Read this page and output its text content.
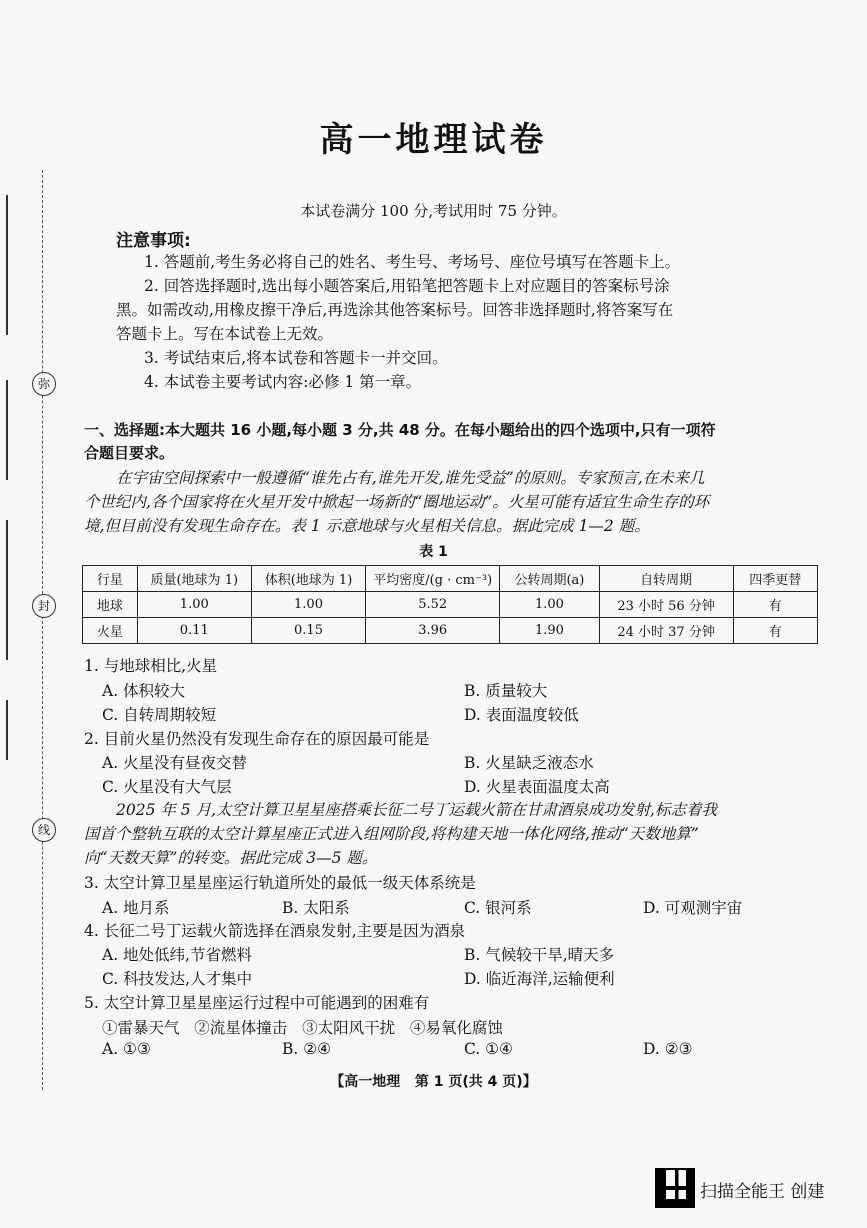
弥
封
线
高一地理试卷
本试卷满分 100 分,考试用时 75 分钟。
注意事项:
1. 答题前,考生务必将自己的姓名、考生号、考场号、座位号填写在答题卡上。
2. 回答选择题时,选出每小题答案后,用铅笔把答题卡上对应题目的答案标号涂
黑。如需改动,用橡皮擦干净后,再选涂其他答案标号。回答非选择题时,将答案写在
答题卡上。写在本试卷上无效。
3. 考试结束后,将本试卷和答题卡一并交回。
4. 本试卷主要考试内容:必修 1 第一章。
一、选择题:本大题共 16 小题,每小题 3 分,共 48 分。在每小题给出的四个选项中,只有一项符
合题目要求。
在宇宙空间探索中一般遵循“谁先占有,谁先开发,谁先受益”的原则。专家预言,在未来几
个世纪内,各个国家将在火星开发中掀起一场新的“圈地运动”。火星可能有适宜生命生存的环
境,但目前没有发现生命存在。表 1 示意地球与火星相关信息。据此完成 1—2 题。
表 1
行星	质量(地球为 1)	体积(地球为 1)	平均密度/(g · cm⁻³)	公转周期(a)	自转周期	四季更替
地球	1.00	1.00	5.52	1.00	23 小时 56 分钟	有
火星	0.11	0.15	3.96	1.90	24 小时 37 分钟	有
1. 与地球相比,火星
A. 体积较大	B. 质量较大
C. 自转周期较短	D. 表面温度较低
2. 目前火星仍然没有发现生命存在的原因最可能是
A. 火星没有昼夜交替	B. 火星缺乏液态水
C. 火星没有大气层	D. 火星表面温度太高
2025 年 5 月,太空计算卫星星座搭乘长征二号丁运载火箭在甘肃酒泉成功发射,标志着我
国首个整轨互联的太空计算星座正式进入组网阶段,将构建天地一体化网络,推动“天数地算”
向“天数天算”的转变。据此完成 3—5 题。
3. 太空计算卫星星座运行轨道所处的最低一级天体系统是
A. 地月系	B. 太阳系	C. 银河系	D. 可观测宇宙
4. 长征二号丁运载火箭选择在酒泉发射,主要是因为酒泉
A. 地处低纬,节省燃料	B. 气候较干旱,晴天多
C. 科技发达,人才集中	D. 临近海洋,运输便利
5. 太空计算卫星星座运行过程中可能遇到的困难有
①雷暴天气   ②流星体撞击   ③太阳风干扰   ④易氧化腐蚀
A. ①③	B. ②④	C. ①④	D. ②③
【高一地理   第 1 页(共 4 页)】
扫描全能王 创建
